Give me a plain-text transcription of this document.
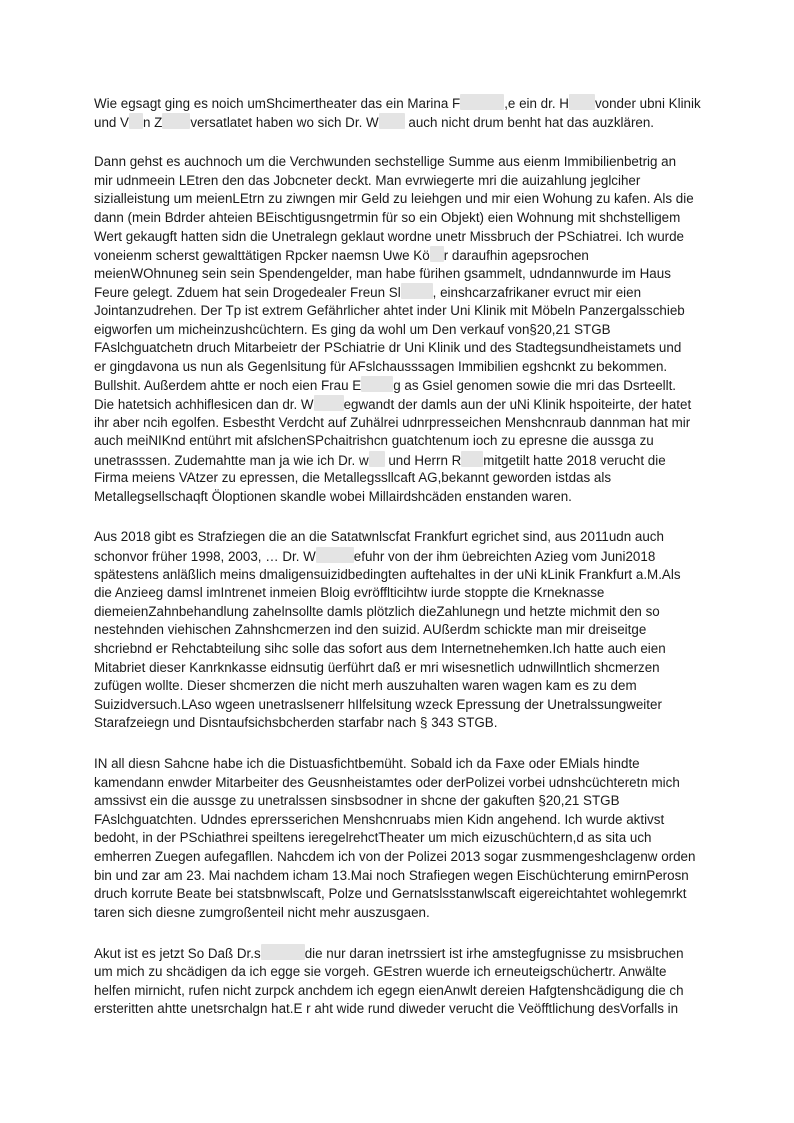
Wie egsagt ging es noich umShcimertheater das ein Marina F	,e ein dr. H vonder ubni Klinik
und V n Z versatlatet haben wo sich Dr. W auch nicht drum benht hat das auzklären.

Dann gehst es auchnoch um die Verchwunden sechstellige Summe aus eienm Immibilienbetrig an
mir udnmeein LEtren den das Jobcneter deckt. Man evrwiegerte mri die auizahlung jeglciher
sizialleistung um meienLEtrn zu ziwngen mir Geld zu leiehgen und mir eien Wohung zu kafen. Als die
dann (mein Bdrder ahteien BEischtigusngetrmin für so ein Objekt) eien Wohnung mit shchstelligem
Wert gekaugft hatten sidn die Unetralegn geklaut wordne unetr Missbruch der PSchiatrei. Ich wurde
voneienm scherst gewalttätigen Rpcker naemsn Uwe Kö r daraufhin agepsrochen
meienWOhnuneg sein sein Spendengelder, man habe fürihen gsammelt, udndannwurde im Haus
Feure gelegt. Zduem hat sein Drogedealer Freun Sl , einshcarzafrikaner evruct mir eien
Jointanzudrehen. Der Tp ist extrem Gefährlicher ahtet inder Uni Klinik mit Möbeln Panzergalsschieb
eigworfen um micheinzushcüchtern. Es ging da wohl um Den verkauf von§20,21 STGB
FAslchguatchetn druch Mitarbeietr der PSchiatrie dr Uni Klinik und des Stadtegsundheistamets und
er gingdavona us nun als Gegenlsitung für AFslchausssagen Immibilien egshcnkt zu bekommen.
Bullshit. Außerdem ahtte er noch eien Frau E g as Gsiel genomen sowie die mri das Dsrteellt.
Die hatetsich achhiflesicen dan dr. W egwandt der damls aun der uNi Klinik hspoiteirte, der hatet
ihr aber ncih egolfen. Esbestht Verdcht auf Zuhälrei udnrpresseichen Menshcnraub dannman hat mir
auch meiNIKnd entührt mit afslchenSPchaitrishcn guatchtenum ioch zu epresne die aussga zu
unetrasssen. Zudemahtte man ja wie ich Dr. w und Herrn R mitgetilt hatte 2018 verucht die
Firma meiens VAtzer zu epressen, die Metallegssllcaft AG,bekannt geworden istdas als
Metallegsellschaqft Öloptionen skandle wobei Millairdshcäden enstanden waren.

Aus 2018 gibt es Strafziegen die an die Satatwnlscfat Frankfurt egrichet sind, aus 2011udn auch
schonvor früher 1998, 2003, … Dr. W	efuhr von der ihm üebreichten Azieg vom Juni2018
spätestens anläßlich meins dmaligensuizidbedingten auftehaltes in der uNi kLinik Frankfurt a.M.Als
die Anzieeg damsl imIntrenet inmeien Bloig evröfflticihtw iurde stoppte die Krneknasse
diemeienZahnbehandlung zahelnsollte damls plötzlich dieZahlunegn und hetzte michmit den so
nestehnden viehischen Zahnshcmerzen ind den suizid. AUßerdm schickte man mir dreiseitge
shcriebnd er Rehctabteilung sihc solle das sofort aus dem Internetnehemken.Ich hatte auch eien
Mitabriet dieser Kanrknkasse eidnsutig üerführt daß er mri wisesnetlich udnwillntlich shcmerzen
zufügen wollte. Dieser shcmerzen die nicht merh auszuhalten waren wagen kam es zu dem
Suizidversuch.LAso wgeen unetraslsenerr hIlfelsitung wzeck Epressung der Unetralssungweiter
Starafzeiegn und Disntaufsichsbcherden starfabr nach § 343 STGB.

IN all diesn Sahcne habe ich die Distuasfichtbemüht. Sobald ich da Faxe oder EMials hindte
kamendann enwder Mitarbeiter des Geusnheistamtes oder derPolizei vorbei udnshcüchteretn mich
amssivst ein die aussge zu unetralssen sinsbsodner in shcne der gakuften §20,21 STGB
FAslchguatchten. Udndes eprersserichen Menshcnruabs mien Kidn angehend. Ich wurde aktivst
bedoht, in der PSchiathrei speiltens ieregelrehctTheater um mich eizuschüchtern,d as sita uch
emherren Zuegen aufegafllen. Nahcdem ich von der Polizei 2013 sogar zusmmengeshclagenw orden
bin und zar am 23. Mai nachdem icham 13.Mai noch Strafiegen wegen Eischüchterung emirnPerosn
druch korrute Beate bei statsbnwlscaft, Polze und Gernatslsstanwlscaft eigereichtahtet wohlegemrkt
taren sich diesne zumgroßenteil nicht mehr auszusgaen.

Akut ist es jetzt So Daß Dr.s	die nur daran inetrssiert ist irhe amstegfugnisse zu msisbruchen
um mich zu shcädigen da ich egge sie vorgeh. GEstren wuerde ich erneuteigschüchertr. Anwälte
helfen mirnicht, rufen nicht zurpck anchdem ich egegn eienAnwlt dereien Hafgtenshcädigung die ch
ersteritten ahtte unetsrchalgn hat.E r aht wide rund diweder verucht die Veöfftlichung desVorfalls in
